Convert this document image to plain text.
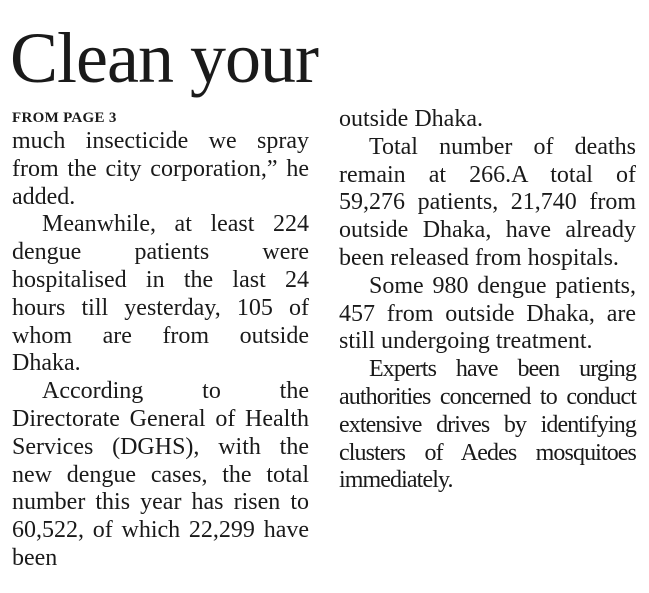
Clean your
FROM PAGE 3

much insecticide we spray from the city corporation,” he added.

Meanwhile, at least 224 dengue patients were hospitalised in the last 24 hours till yesterday, 105 of whom are from outside Dhaka.

According to the Directorate General of Health Services (DGHS), with the new dengue cases, the total number this year has risen to 60,522, of which 22,299 have been

outside Dhaka.

Total number of deaths remain at 266.A total of 59,276 patients, 21,740 from outside Dhaka, have already been released from hospitals.

Some 980 dengue patients, 457 from outside Dhaka, are still undergoing treatment.

Experts have been urging authorities concerned to conduct extensive drives by identifying clusters of Aedes mosquitoes immediately.
